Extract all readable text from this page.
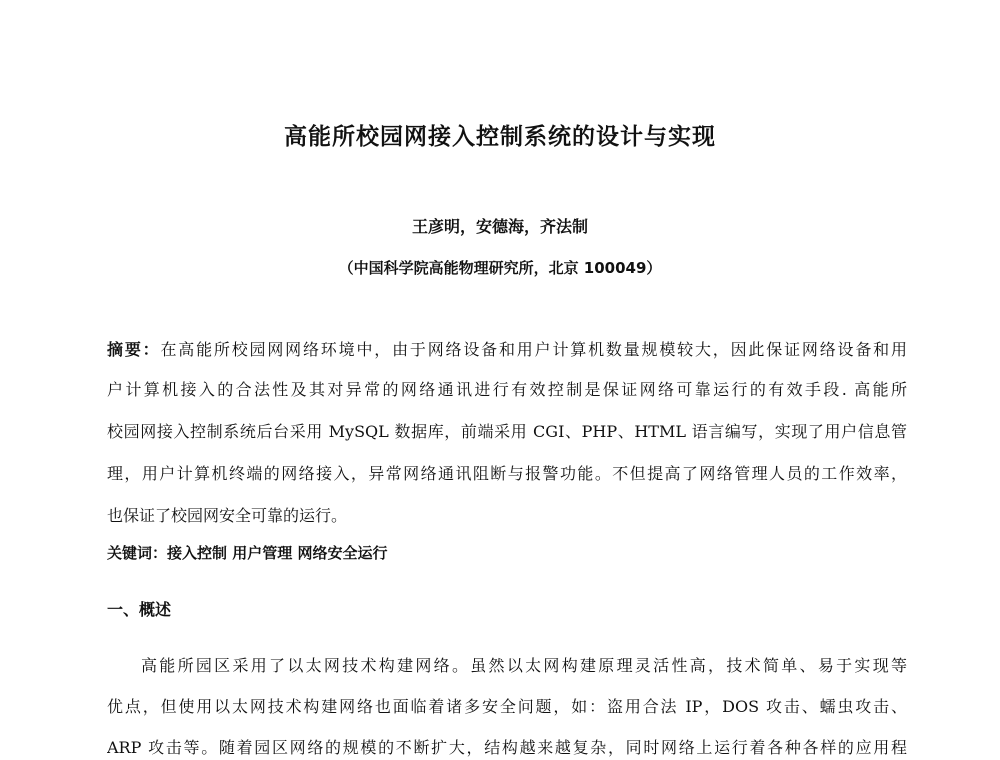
高能所校园网接入控制系统的设计与实现
王彦明，安德海，齐法制
（中国科学院高能物理研究所，北京 100049）
摘要：在高能所校园网网络环境中，由于网络设备和用户计算机数量规模较大，因此保证网络设备和用
户计算机接入的合法性及其对异常的网络通讯进行有效控制是保证网络可靠运行的有效手段. 高能所
校园网接入控制系统后台采用 MySQL 数据库，前端采用 CGI、PHP、HTML 语言编写，实现了用户信息管
理，用户计算机终端的网络接入，异常网络通讯阻断与报警功能。不但提高了网络管理人员的工作效率，
也保证了校园网安全可靠的运行。
关键词：接入控制 用户管理 网络安全运行
一、概述
高能所园区采用了以太网技术构建网络。虽然以太网构建原理灵活性高，技术简单、易于实现等
优点，但使用以太网技术构建网络也面临着诸多安全问题，如：盗用合法 IP，DOS 攻击、蠕虫攻击、
ARP 攻击等。随着园区网络的规模的不断扩大，结构越来越复杂，同时网络上运行着各种各样的应用程
